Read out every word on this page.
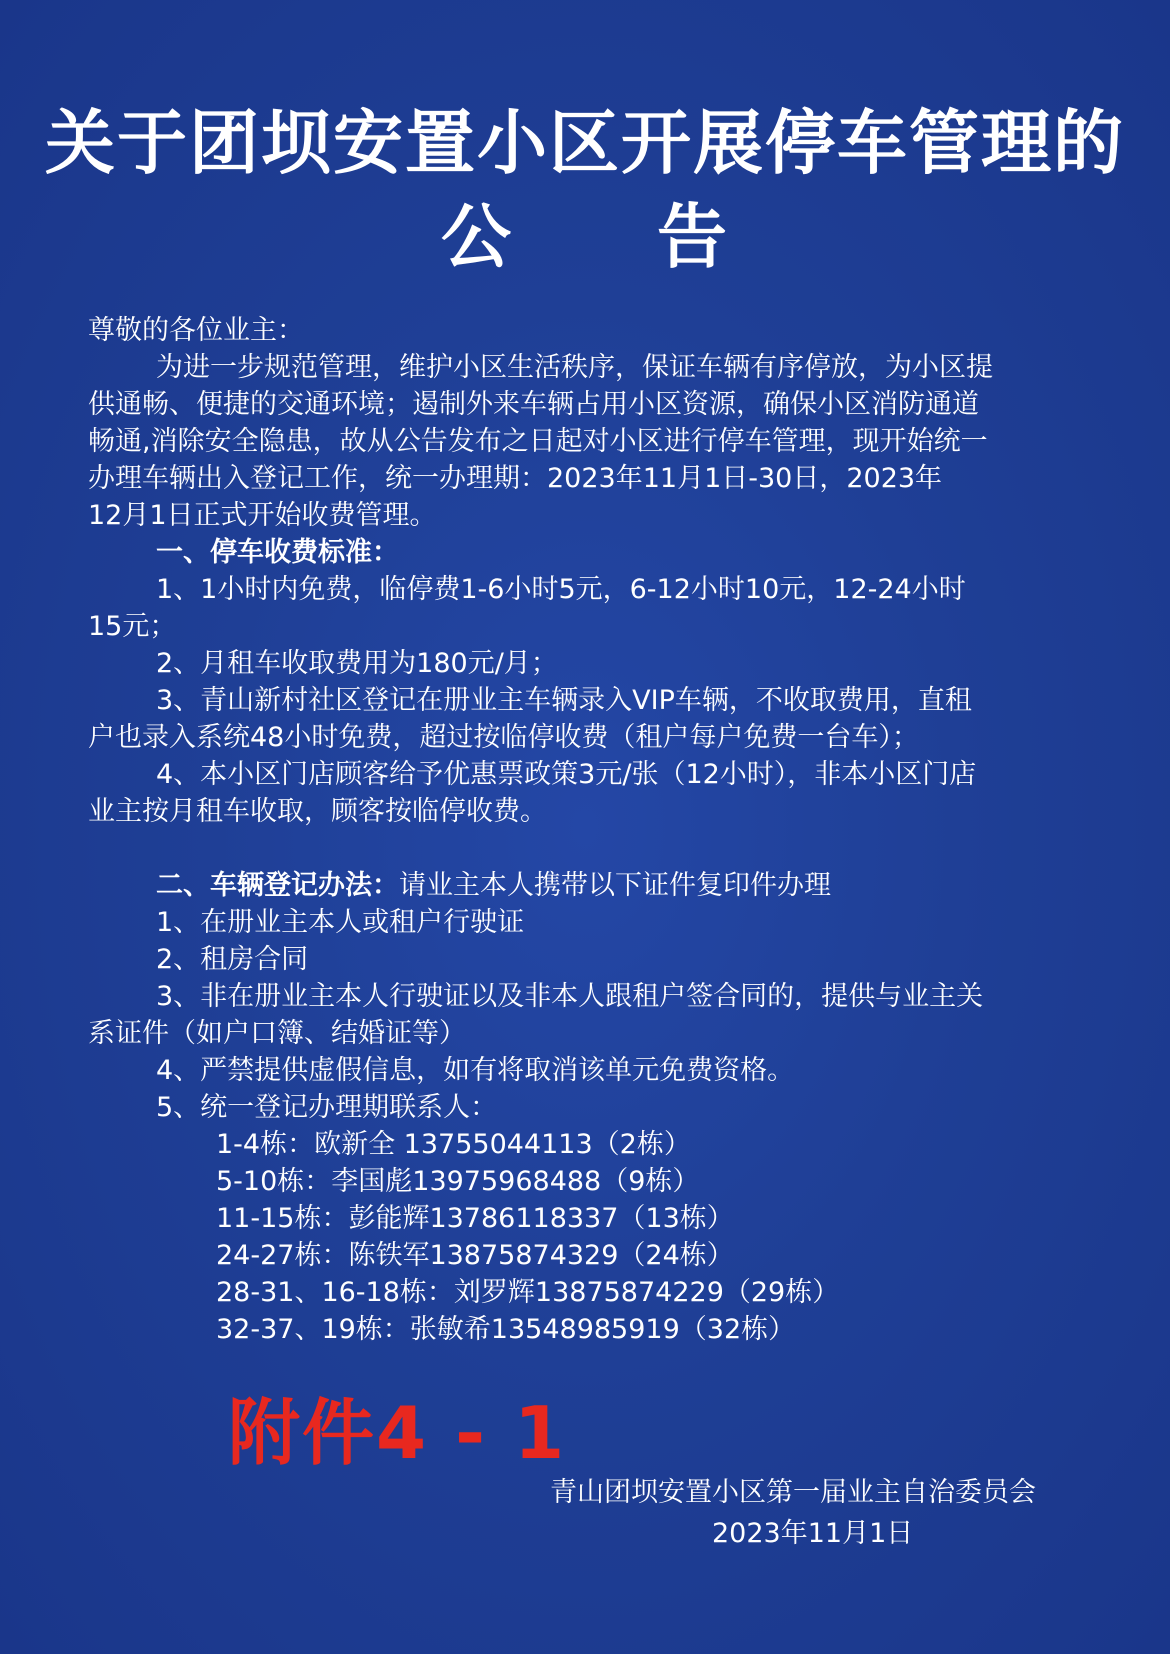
关于团坝安置小区开展停车管理的
公　　告
尊敬的各位业主：
为进一步规范管理，维护小区生活秩序，保证车辆有序停放，为小区提
供通畅、便捷的交通环境；遏制外来车辆占用小区资源，确保小区消防通道
畅通,消除安全隐患，故从公告发布之日起对小区进行停车管理，现开始统一
办理车辆出入登记工作，统一办理期：2023年11月1日-30日，2023年
12月1日正式开始收费管理。
一、停车收费标准：
1、1小时内免费，临停费1-6小时5元，6-12小时10元，12-24小时
15元；
2、月租车收取费用为180元/月；
3、青山新村社区登记在册业主车辆录入VIP车辆，不收取费用，直租
户也录入系统48小时免费，超过按临停收费（租户每户免费一台车）；
4、本小区门店顾客给予优惠票政策3元/张（12小时），非本小区门店
业主按月租车收取，顾客按临停收费。
二、车辆登记办法：请业主本人携带以下证件复印件办理
1、在册业主本人或租户行驶证
2、租房合同
3、非在册业主本人行驶证以及非本人跟租户签合同的，提供与业主关
系证件（如户口簿、结婚证等）
4、严禁提供虚假信息，如有将取消该单元免费资格。
5、统一登记办理期联系人：
1-4栋：欧新全 13755044113（2栋）
5-10栋：李国彪13975968488（9栋）
11-15栋：彭能辉13786118337（13栋）
24-27栋：陈铁军13875874329（24栋）
28-31、16-18栋：刘罗辉13875874229（29栋）
32-37、19栋：张敏希13548985919（32栋）
附件4 - 1
青山团坝安置小区第一届业主自治委员会
2023年11月1日
